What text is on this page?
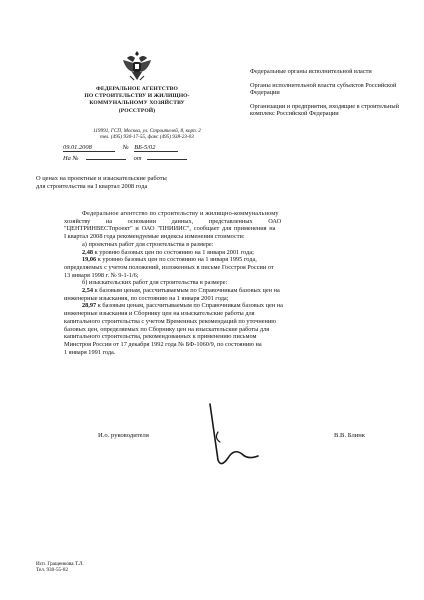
ФЕДЕРАЛЬНОЕ АГЕНТСТВО
ПО СТРОИТЕЛЬСТВУ И ЖИЛИЩНО-
КОММУНАЛЬНОМУ ХОЗЯЙСТВУ
(РОССТРОЙ)
119991, ГСП, Москва, ул. Строителей, 8, корп. 2
тел. (495) 930-17-55, факс (495) 938-23-03
09.01.2008	№ ВБ-5/02
На №	от
Федеральные органы исполнительной власти
Органы исполнительной власти субъектов Российской Федерации
Организации и предприятия, входящие в строительный комплекс Российской Федерации
О ценах на проектные и изыскательские работы
для строительства на I квартал 2008 года
Федеральное агентство по строительству и жилищно-коммунальному
хозяйству на основании данных, представленных ОАО
"ЦЕНТРИНВЕСТпроект" и ОАО "ПНИИИС", сообщает для применения на
I квартал 2008 года рекомендуемые индексы изменения стоимости:
а) проектных работ для строительства в размере:
2,48 к уровню базовых цен по состоянию на 1 января 2001 года;
19,06 к уровню базовых цен по состоянию на 1 января 1995 года,
определяемых с учетом положений, изложенных в письме Госстроя России от
13 января 1998 г. № 9-1-1/6;
б) изыскательских работ для строительства в размере:
2,54 к базовым ценам, рассчитываемым по Справочникам базовых цен на
инженерные изыскания, по состоянию на 1 января 2001 года;
28,97 к базовым ценам, рассчитываемым по Справочникам базовых цен на
инженерные изыскания и Сборнику цен на изыскательские работы для
капитального строительства с учетом Временных рекомендаций по уточнению
базовых цен, определяемых по Сборнику цен на изыскательские работы для
капитального строительства, рекомендованных к применению письмом
Минстроя России от 17 декабря 1992 года № БФ-1060/9, по состоянию на
1 января 1991 года.
И.о. руководителя	В.В. Блинк
Исп. Гращенкова Т.Л.
Тел. 930-55-82
